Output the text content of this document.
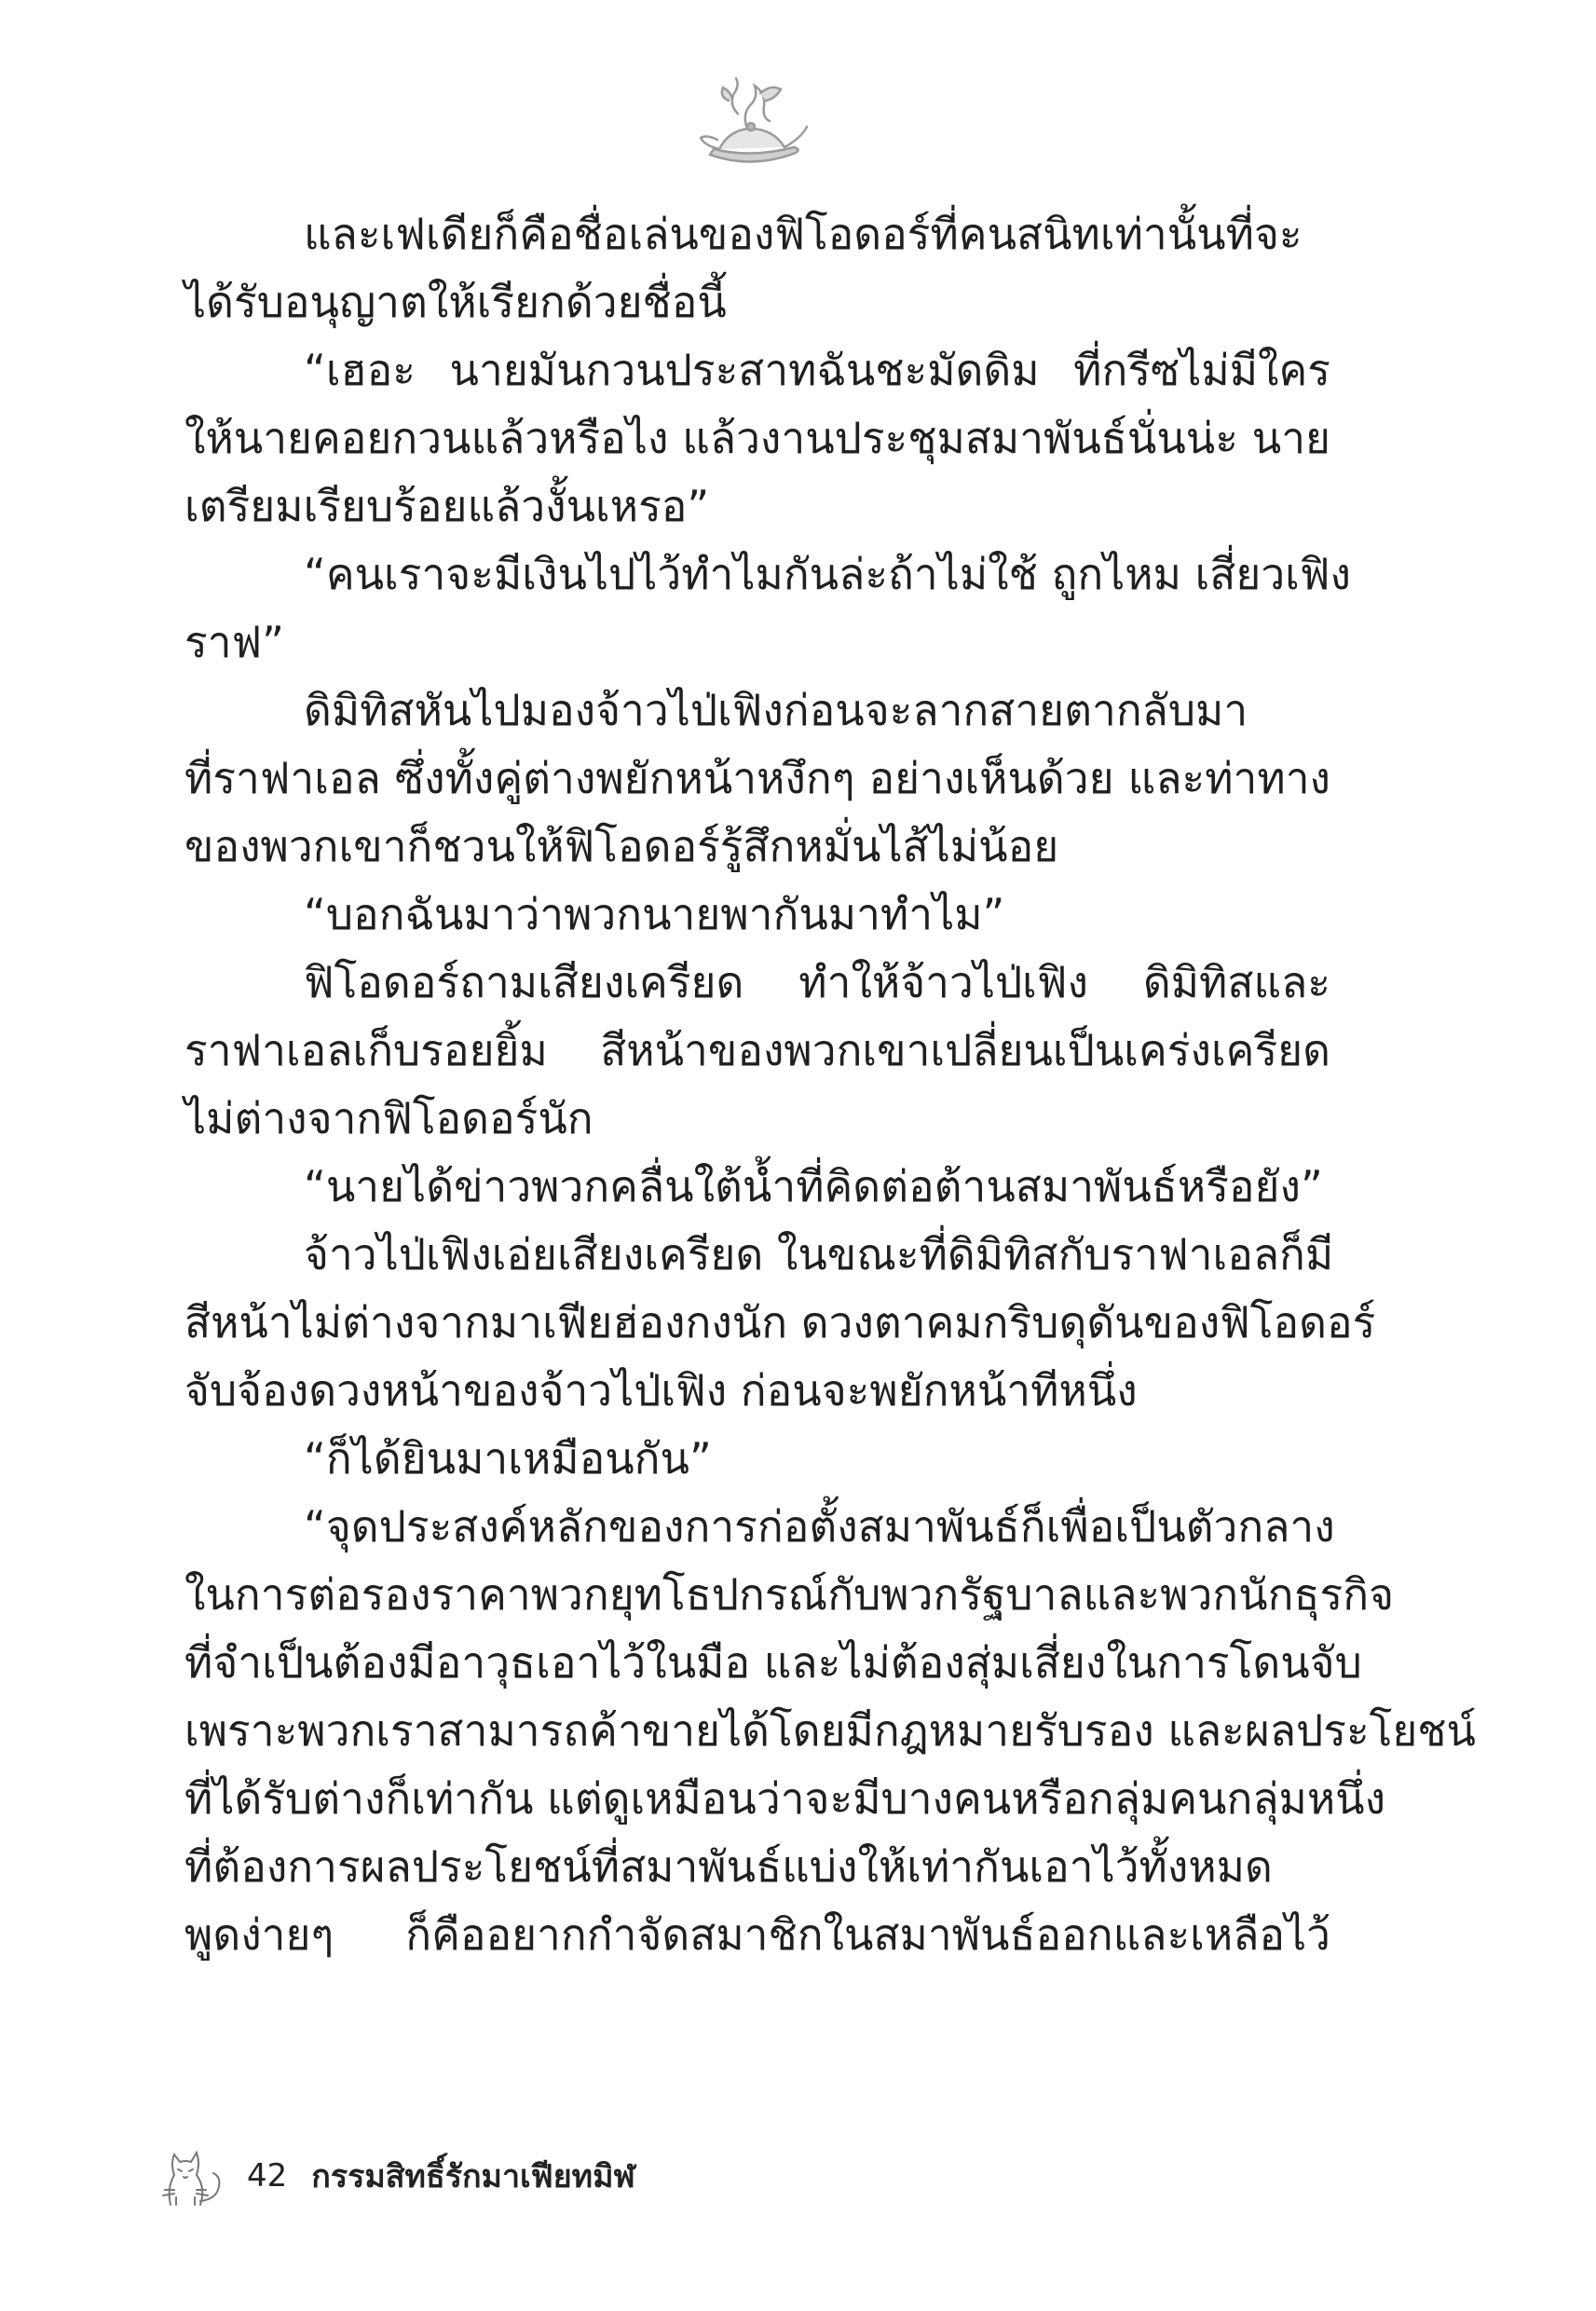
และเฟเดียก็คือชื่อเล่นของฟิโอดอร์ที่คนสนิทเท่านั้นที่จะ
ได้รับอนุญาตให้เรียกด้วยชื่อนี้
“เฮอะ นายมันกวนประสาทฉันชะมัดดิม ที่กรีซไม่มีใคร
ให้นายคอยกวนแล้วหรือไง แล้วงานประชุมสมาพันธ์นั่นน่ะ นาย
เตรียมเรียบร้อยแล้วงั้นเหรอ”
“คนเราจะมีเงินไปไว้ทำไมกันล่ะถ้าไม่ใช้ ถูกไหม เสี่ยวเฟิง
ราฟ”
ดิมิทิสหันไปมองจ้าวไป่เฟิงก่อนจะลากสายตากลับมา
ที่ราฟาเอล ซึ่งทั้งคู่ต่างพยักหน้าหงึกๆ อย่างเห็นด้วย และท่าทาง
ของพวกเขาก็ชวนให้ฟิโอดอร์รู้สึกหมั่นไส้ไม่น้อย
“บอกฉันมาว่าพวกนายพากันมาทำไม”
ฟิโอดอร์ถามเสียงเครียด ทำให้จ้าวไป่เฟิง ดิมิทิสและ
ราฟาเอลเก็บรอยยิ้ม สีหน้าของพวกเขาเปลี่ยนเป็นเคร่งเครียด
ไม่ต่างจากฟิโอดอร์นัก
“นายได้ข่าวพวกคลื่นใต้น้ำที่คิดต่อต้านสมาพันธ์หรือยัง”
จ้าวไป่เฟิงเอ่ยเสียงเครียด ในขณะที่ดิมิทิสกับราฟาเอลก็มี
สีหน้าไม่ต่างจากมาเฟียฮ่องกงนัก ดวงตาคมกริบดุดันของฟิโอดอร์
จับจ้องดวงหน้าของจ้าวไป่เฟิง ก่อนจะพยักหน้าทีหนึ่ง
“ก็ได้ยินมาเหมือนกัน”
“จุดประสงค์หลักของการก่อตั้งสมาพันธ์ก็เพื่อเป็นตัวกลาง
ในการต่อรองราคาพวกยุทโธปกรณ์กับพวกรัฐบาลและพวกนักธุรกิจ
ที่จำเป็นต้องมีอาวุธเอาไว้ในมือ และไม่ต้องสุ่มเสี่ยงในการโดนจับ
เพราะพวกเราสามารถค้าขายได้โดยมีกฎหมายรับรอง และผลประโยชน์
ที่ได้รับต่างก็เท่ากัน แต่ดูเหมือนว่าจะมีบางคนหรือกลุ่มคนกลุ่มหนึ่ง
ที่ต้องการผลประโยชน์ที่สมาพันธ์แบ่งให้เท่ากันเอาไว้ทั้งหมด
พูดง่ายๆ ก็คืออยากกำจัดสมาชิกในสมาพันธ์ออกและเหลือไว้
42 กรรมสิทธิ์รักมาเฟียทมิฬ
